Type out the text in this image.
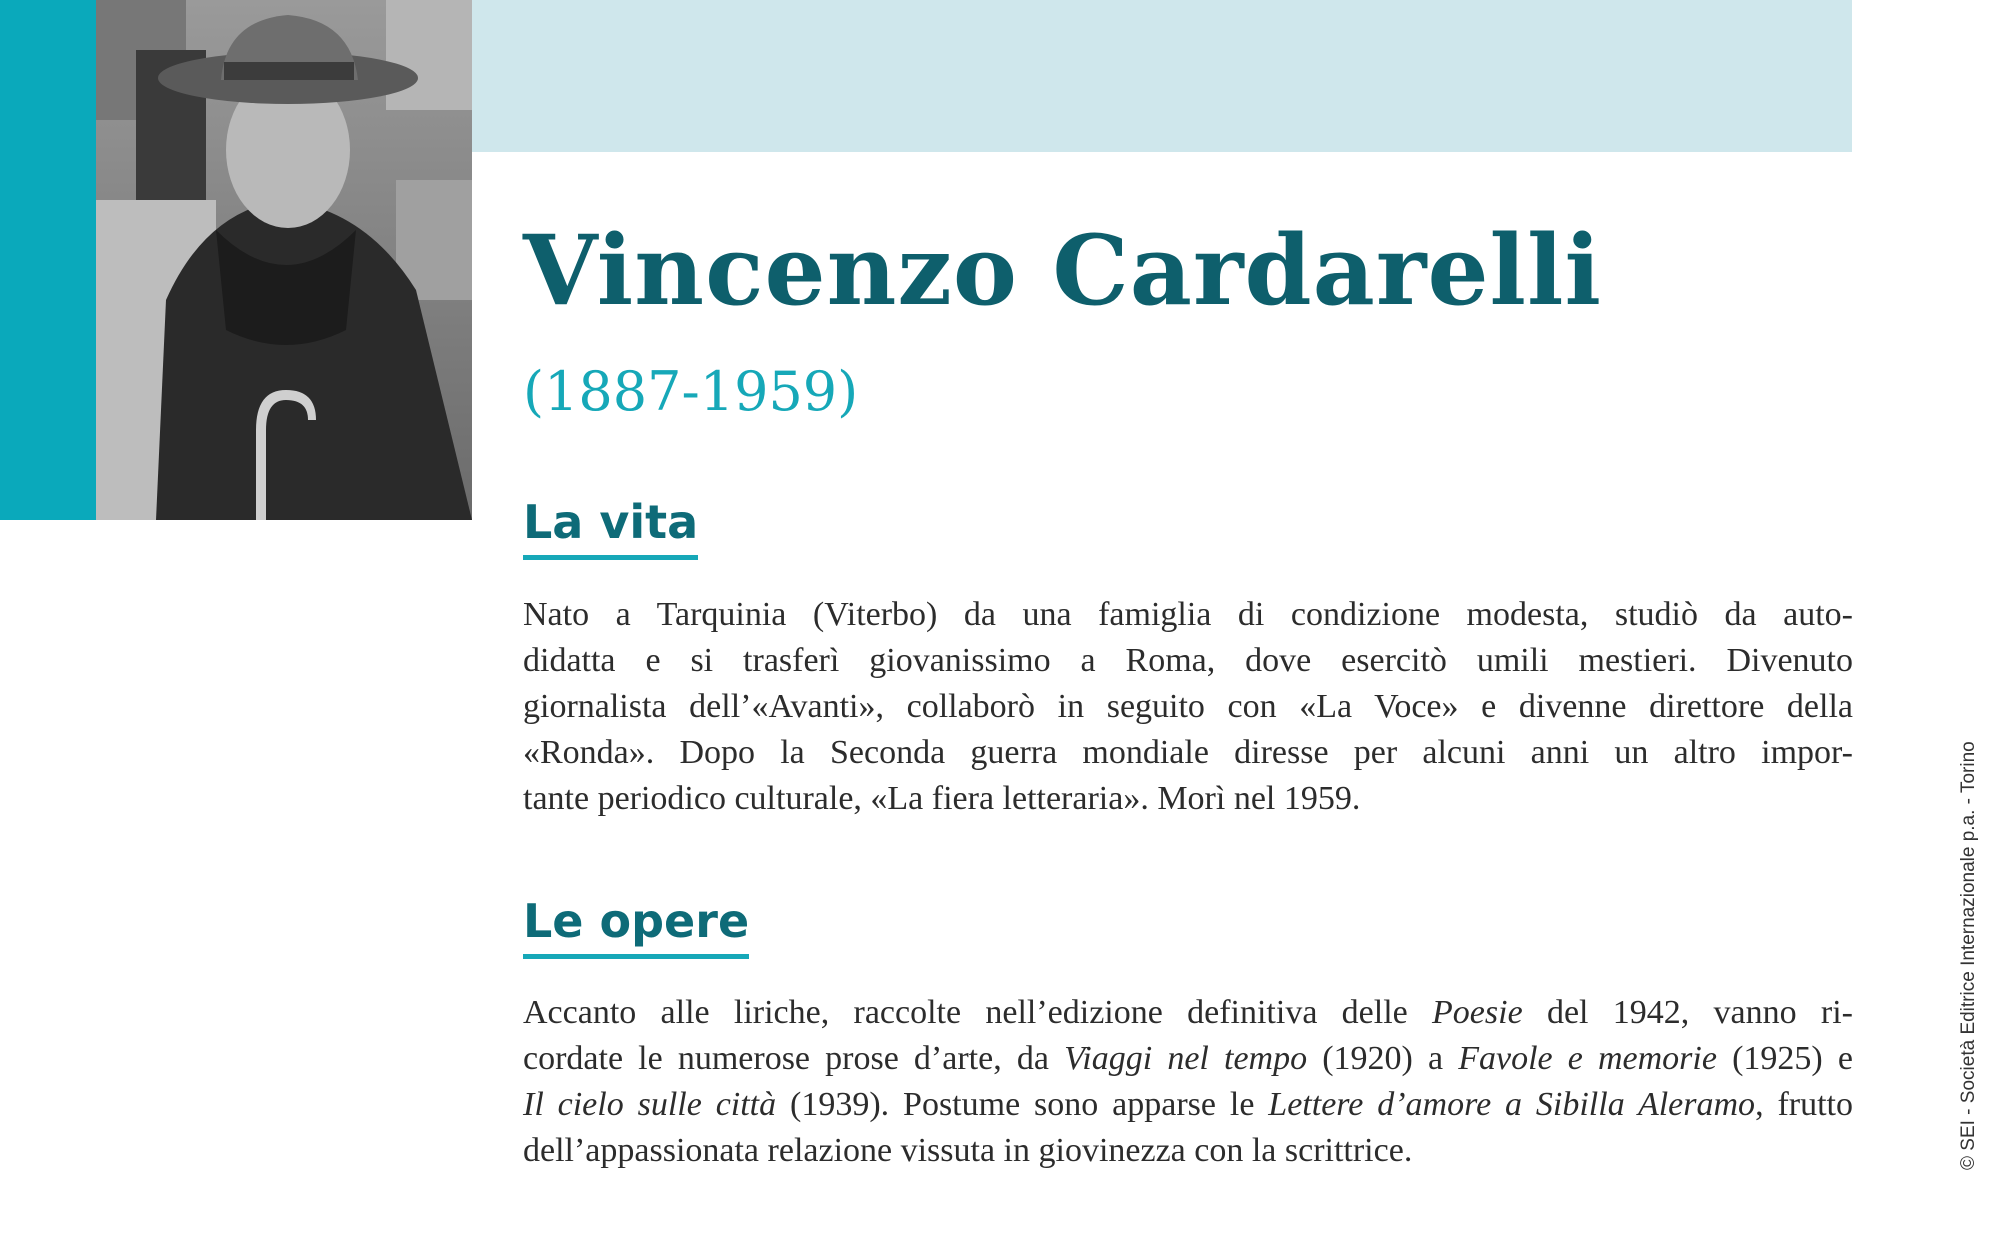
Vincenzo Cardarelli
(1887-1959)
La vita
Nato a Tarquinia (Viterbo) da una famiglia di condizione modesta, studiò da auto-
didatta e si trasferì giovanissimo a Roma, dove esercitò umili mestieri. Divenuto
giornalista dell’«Avanti», collaborò in seguito con «La Voce» e divenne direttore della
«Ronda». Dopo la Seconda guerra mondiale diresse per alcuni anni un altro impor-
tante periodico culturale, «La fiera letteraria». Morì nel 1959.
Le opere
Accanto alle liriche, raccolte nell’edizione definitiva delle Poesie del 1942, vanno ri-
cordate le numerose prose d’arte, da Viaggi nel tempo (1920) a Favole e memorie (1925) e
Il cielo sulle città (1939). Postume sono apparse le Lettere d’amore a Sibilla Aleramo, frutto
dell’appassionata relazione vissuta in giovinezza con la scrittrice.	© SEI - Società Editrice Internazionale p.a. - Torino
